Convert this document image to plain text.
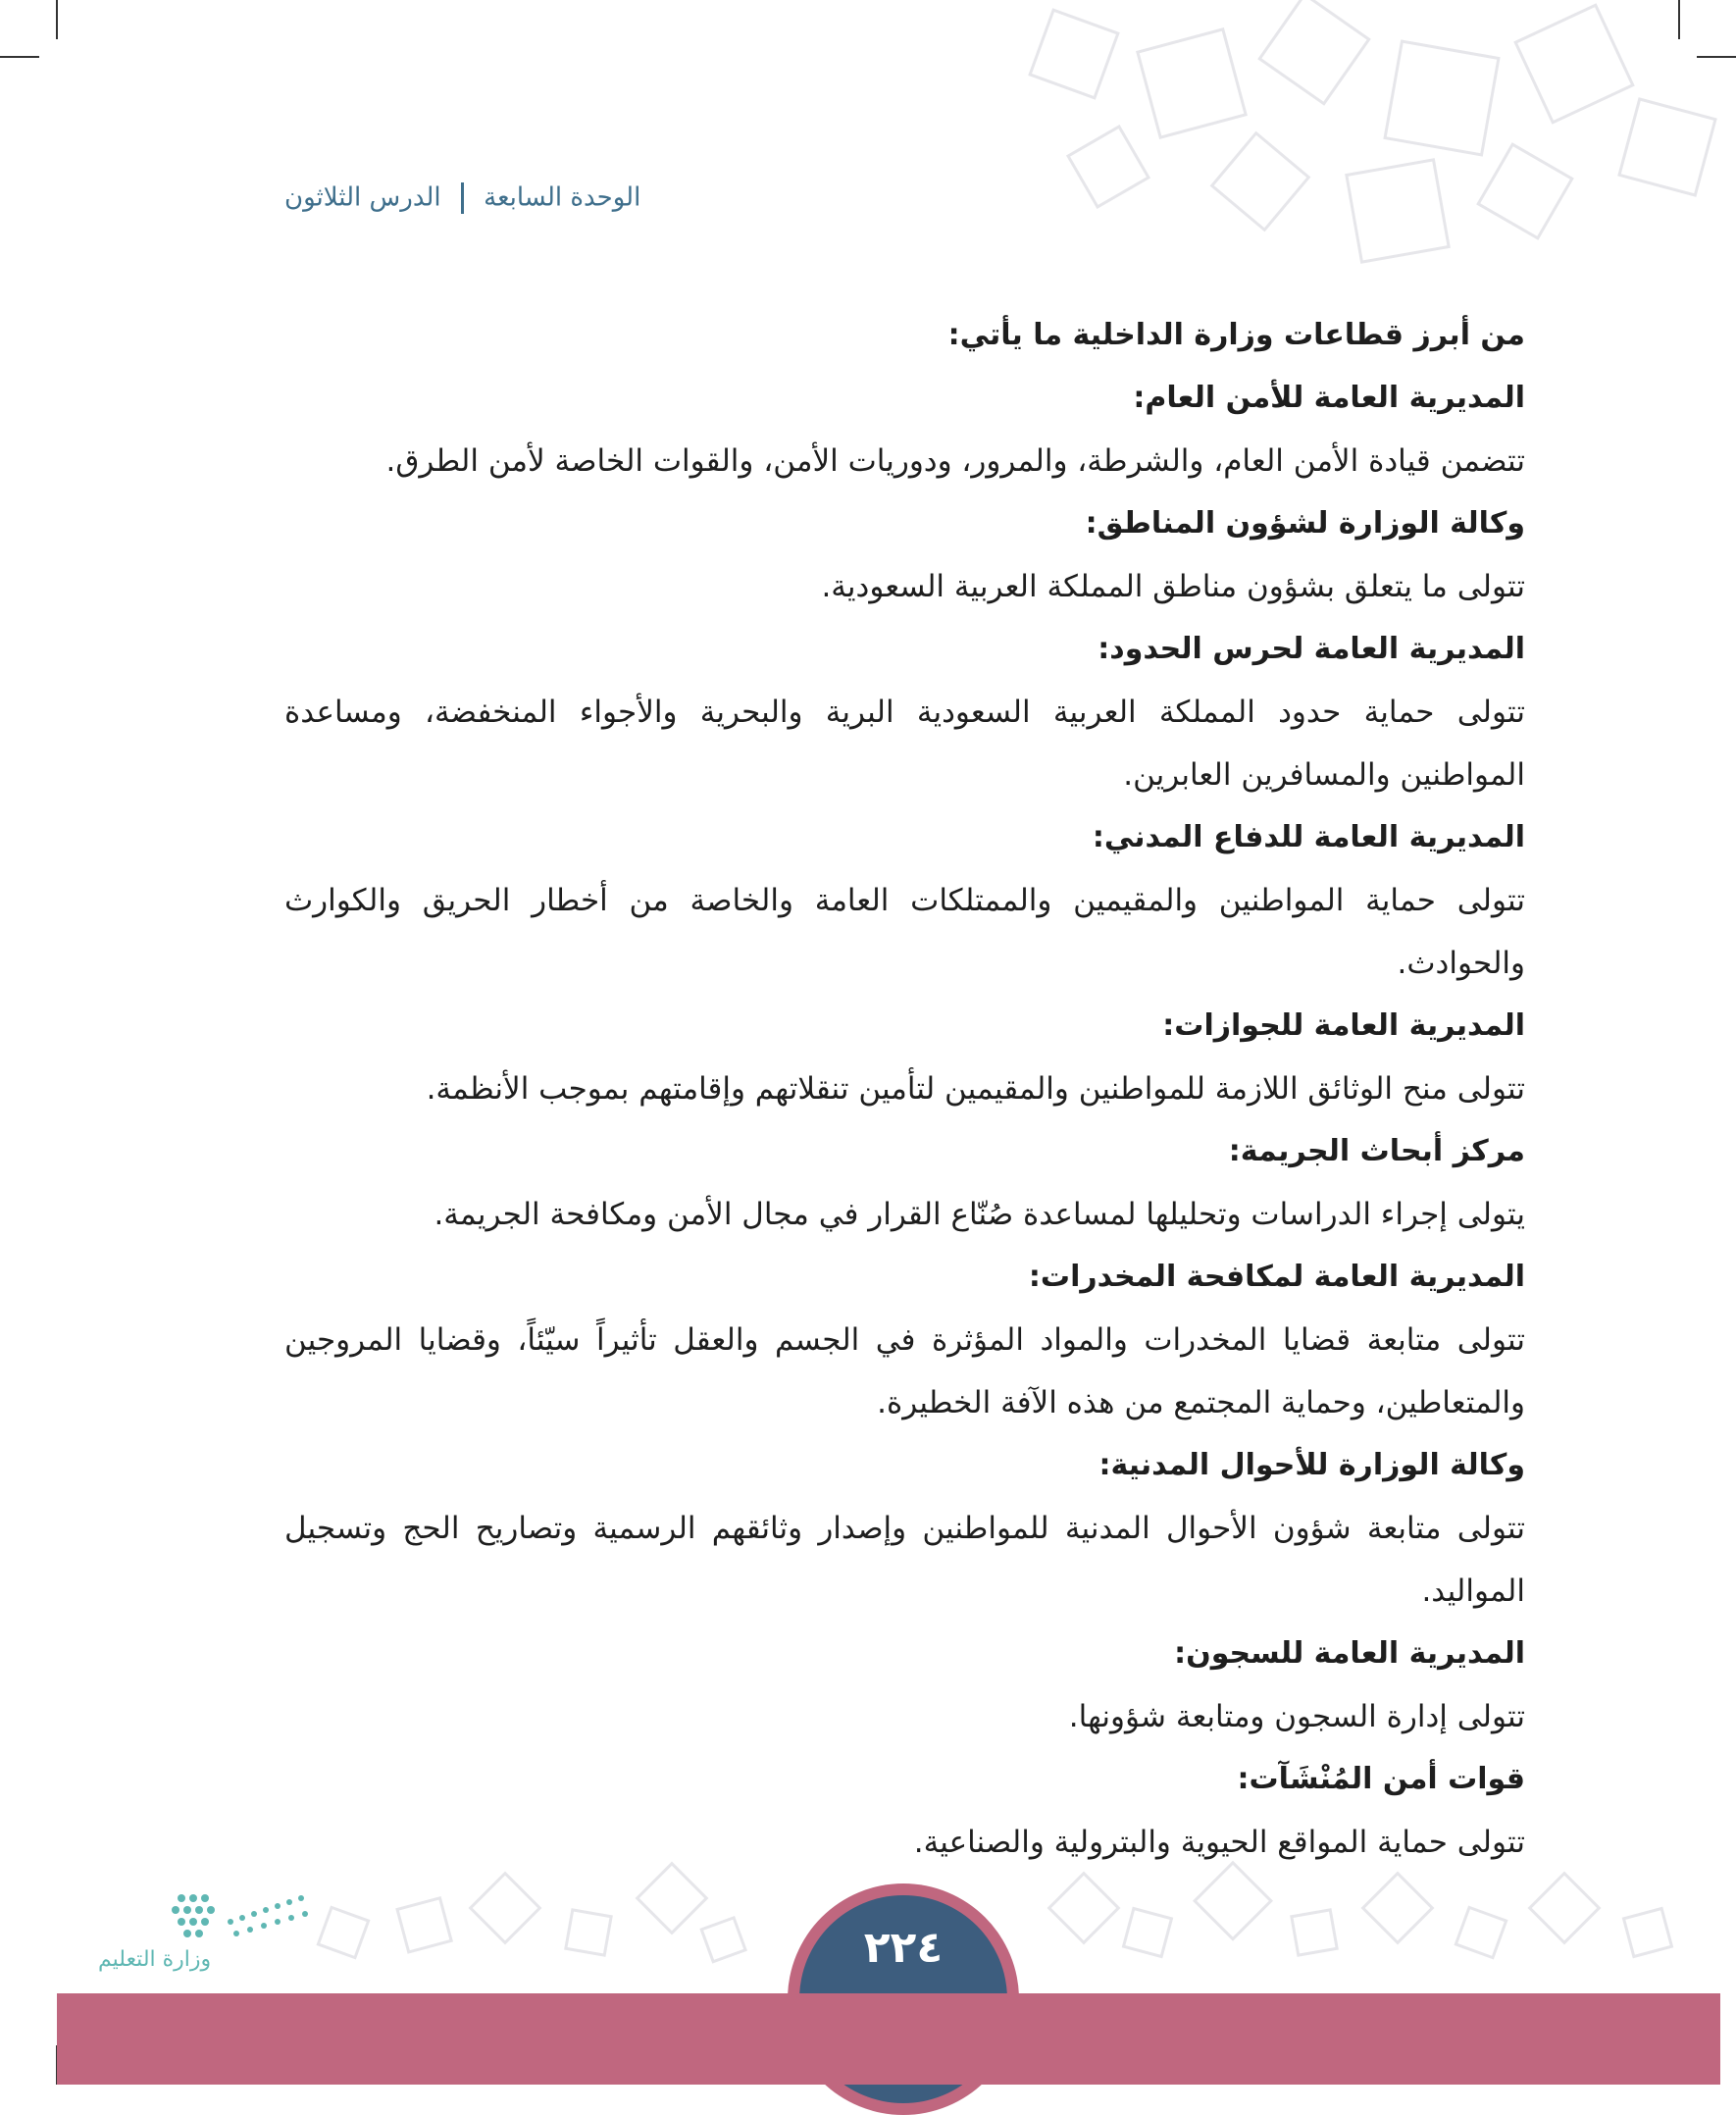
الوحدة السابعة  الدرس الثلاثون

من أبرز قطاعات وزارة الداخلية ما يأتي:

المديرية العامة للأمن العام:

تتضمن قيادة الأمن العام، والشرطة، والمرور، ودوريات الأمن، والقوات الخاصة لأمن الطرق.

وكالة الوزارة لشؤون المناطق:

تتولى ما يتعلق بشؤون مناطق المملكة العربية السعودية.

المديرية العامة لحرس الحدود:

تتولى حماية حدود المملكة العربية السعودية البرية والبحرية والأجواء المنخفضة، ومساعدة المواطنين والمسافرين العابرين.

المديرية العامة للدفاع المدني:

تتولى حماية المواطنين والمقيمين والممتلكات العامة والخاصة من أخطار الحريق والكوارث والحوادث.

المديرية العامة للجوازات:

تتولى منح الوثائق اللازمة للمواطنين والمقيمين لتأمين تنقلاتهم وإقامتهم بموجب الأنظمة.

مركز أبحاث الجريمة:

يتولى إجراء الدراسات وتحليلها لمساعدة صُنّاع القرار في مجال الأمن ومكافحة الجريمة.

المديرية العامة لمكافحة المخدرات:

تتولى متابعة قضايا المخدرات والمواد المؤثرة في الجسم والعقل تأثيراً سيّئاً، وقضايا المروجين والمتعاطين، وحماية المجتمع من هذه الآفة الخطيرة.

وكالة الوزارة للأحوال المدنية:

تتولى متابعة شؤون الأحوال المدنية للمواطنين وإصدار وثائقهم الرسمية وتصاريح الحج وتسجيل المواليد.

المديرية العامة للسجون:

تتولى إدارة السجون ومتابعة شؤونها.

قوات أمن المُنْشَآت:

تتولى حماية المواقع الحيوية والبترولية والصناعية.

وزارة التعليم	٢٢٤
